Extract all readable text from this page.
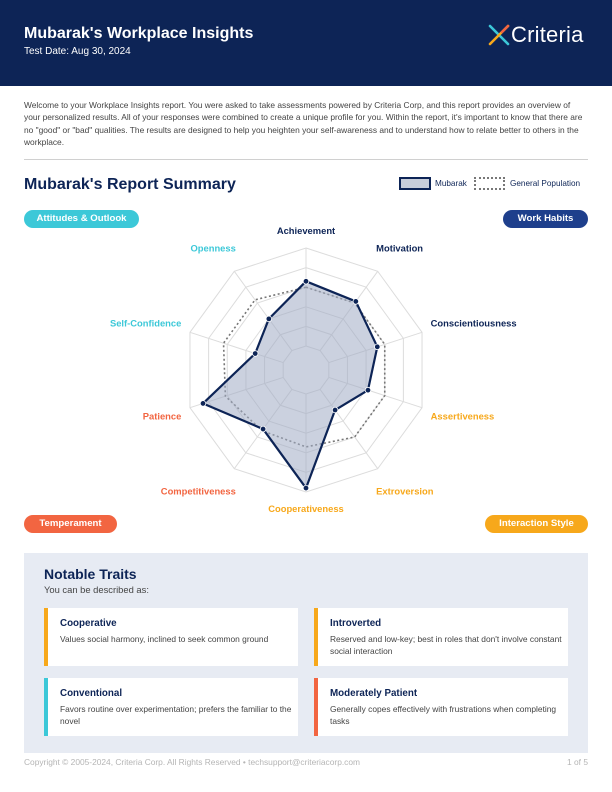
Mubarak's Workplace Insights
Test Date: Aug 30, 2024
Criteria
Welcome to your Workplace Insights report. You were asked to take assessments powered by Criteria Corp, and this report provides an overview of your personalized results. All of your responses were combined to create a unique profile for you. Within the report, it's important to know that there are no "good" or "bad" qualities. The results are designed to help you heighten your self-awareness and to understand how to relate better to others in the workplace.
Mubarak's Report Summary	Mubarak	General Population
Achievement
Motivation
Conscientiousness
Assertiveness
Extroversion
Cooperativeness
Competitiveness
Patience
Self-Confidence
Openness
Attitudes & Outlook	Work Habits
Temperament	Interaction Style
Notable Traits
You can be described as:
Cooperative
Values social harmony, inclined to seek common ground
Introverted
Reserved and low-key; best in roles that don't involve constant social interaction
Conventional
Favors routine over experimentation; prefers the familiar to the novel
Moderately Patient
Generally copes effectively with frustrations when completing tasks
Copyright © 2005-2024, Criteria Corp. All Rights Reserved • techsupport@criteriacorp.com	1 of 5
